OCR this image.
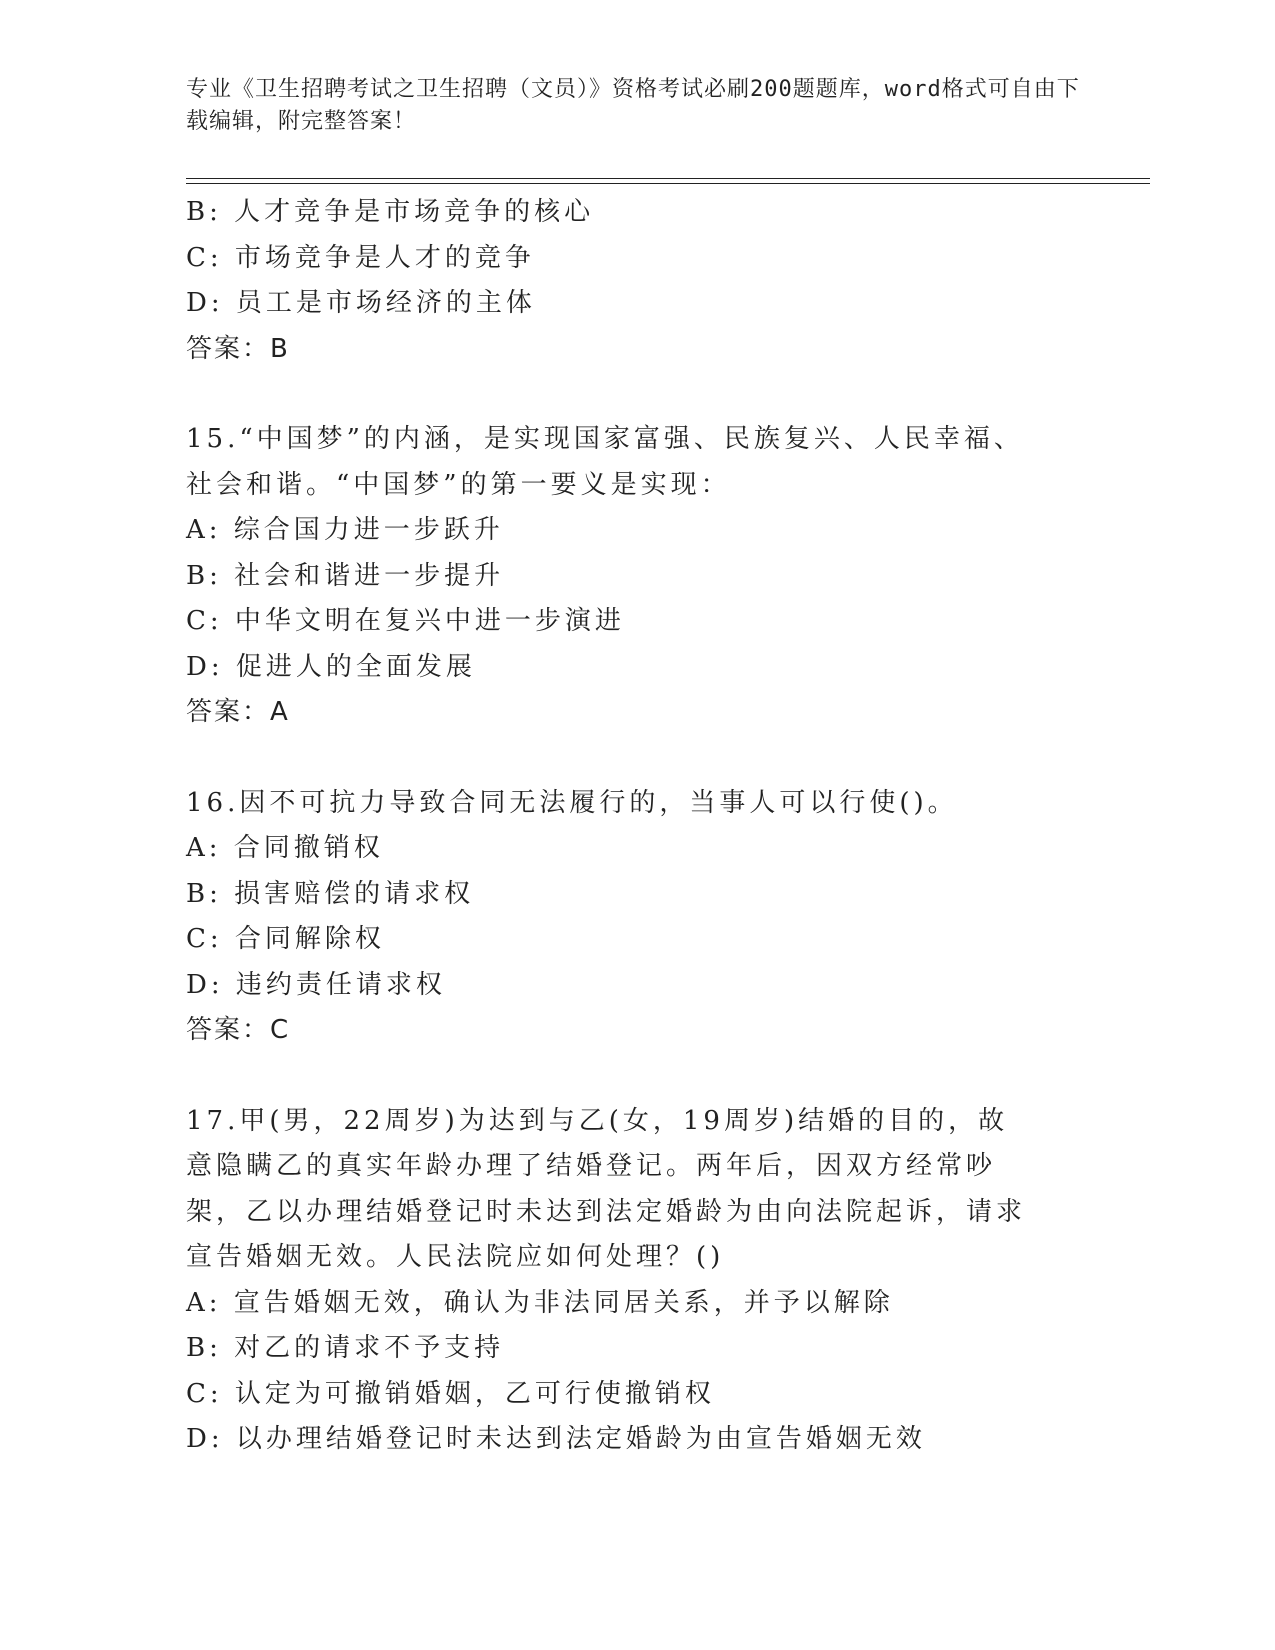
专业《卫生招聘考试之卫生招聘（文员）》资格考试必刷200题题库，word格式可自由下载编辑，附完整答案！
B: 人才竞争是市场竞争的核心
C: 市场竞争是人才的竞争
D: 员工是市场经济的主体
答案：B
15.“中国梦”的内涵，是实现国家富强、民族复兴、人民幸福、社会和谐。“中国梦”的第一要义是实现：
A: 综合国力进一步跃升
B: 社会和谐进一步提升
C: 中华文明在复兴中进一步演进
D: 促进人的全面发展
答案：A
16.因不可抗力导致合同无法履行的，当事人可以行使()。
A: 合同撤销权
B: 损害赔偿的请求权
C: 合同解除权
D: 违约责任请求权
答案：C
17.甲(男，22周岁)为达到与乙(女，19周岁)结婚的目的，故意隐瞒乙的真实年龄办理了结婚登记。两年后，因双方经常吵架，乙以办理结婚登记时未达到法定婚龄为由向法院起诉，请求宣告婚姻无效。人民法院应如何处理？()
A: 宣告婚姻无效，确认为非法同居关系，并予以解除
B: 对乙的请求不予支持
C: 认定为可撤销婚姻，乙可行使撤销权
D: 以办理结婚登记时未达到法定婚龄为由宣告婚姻无效
